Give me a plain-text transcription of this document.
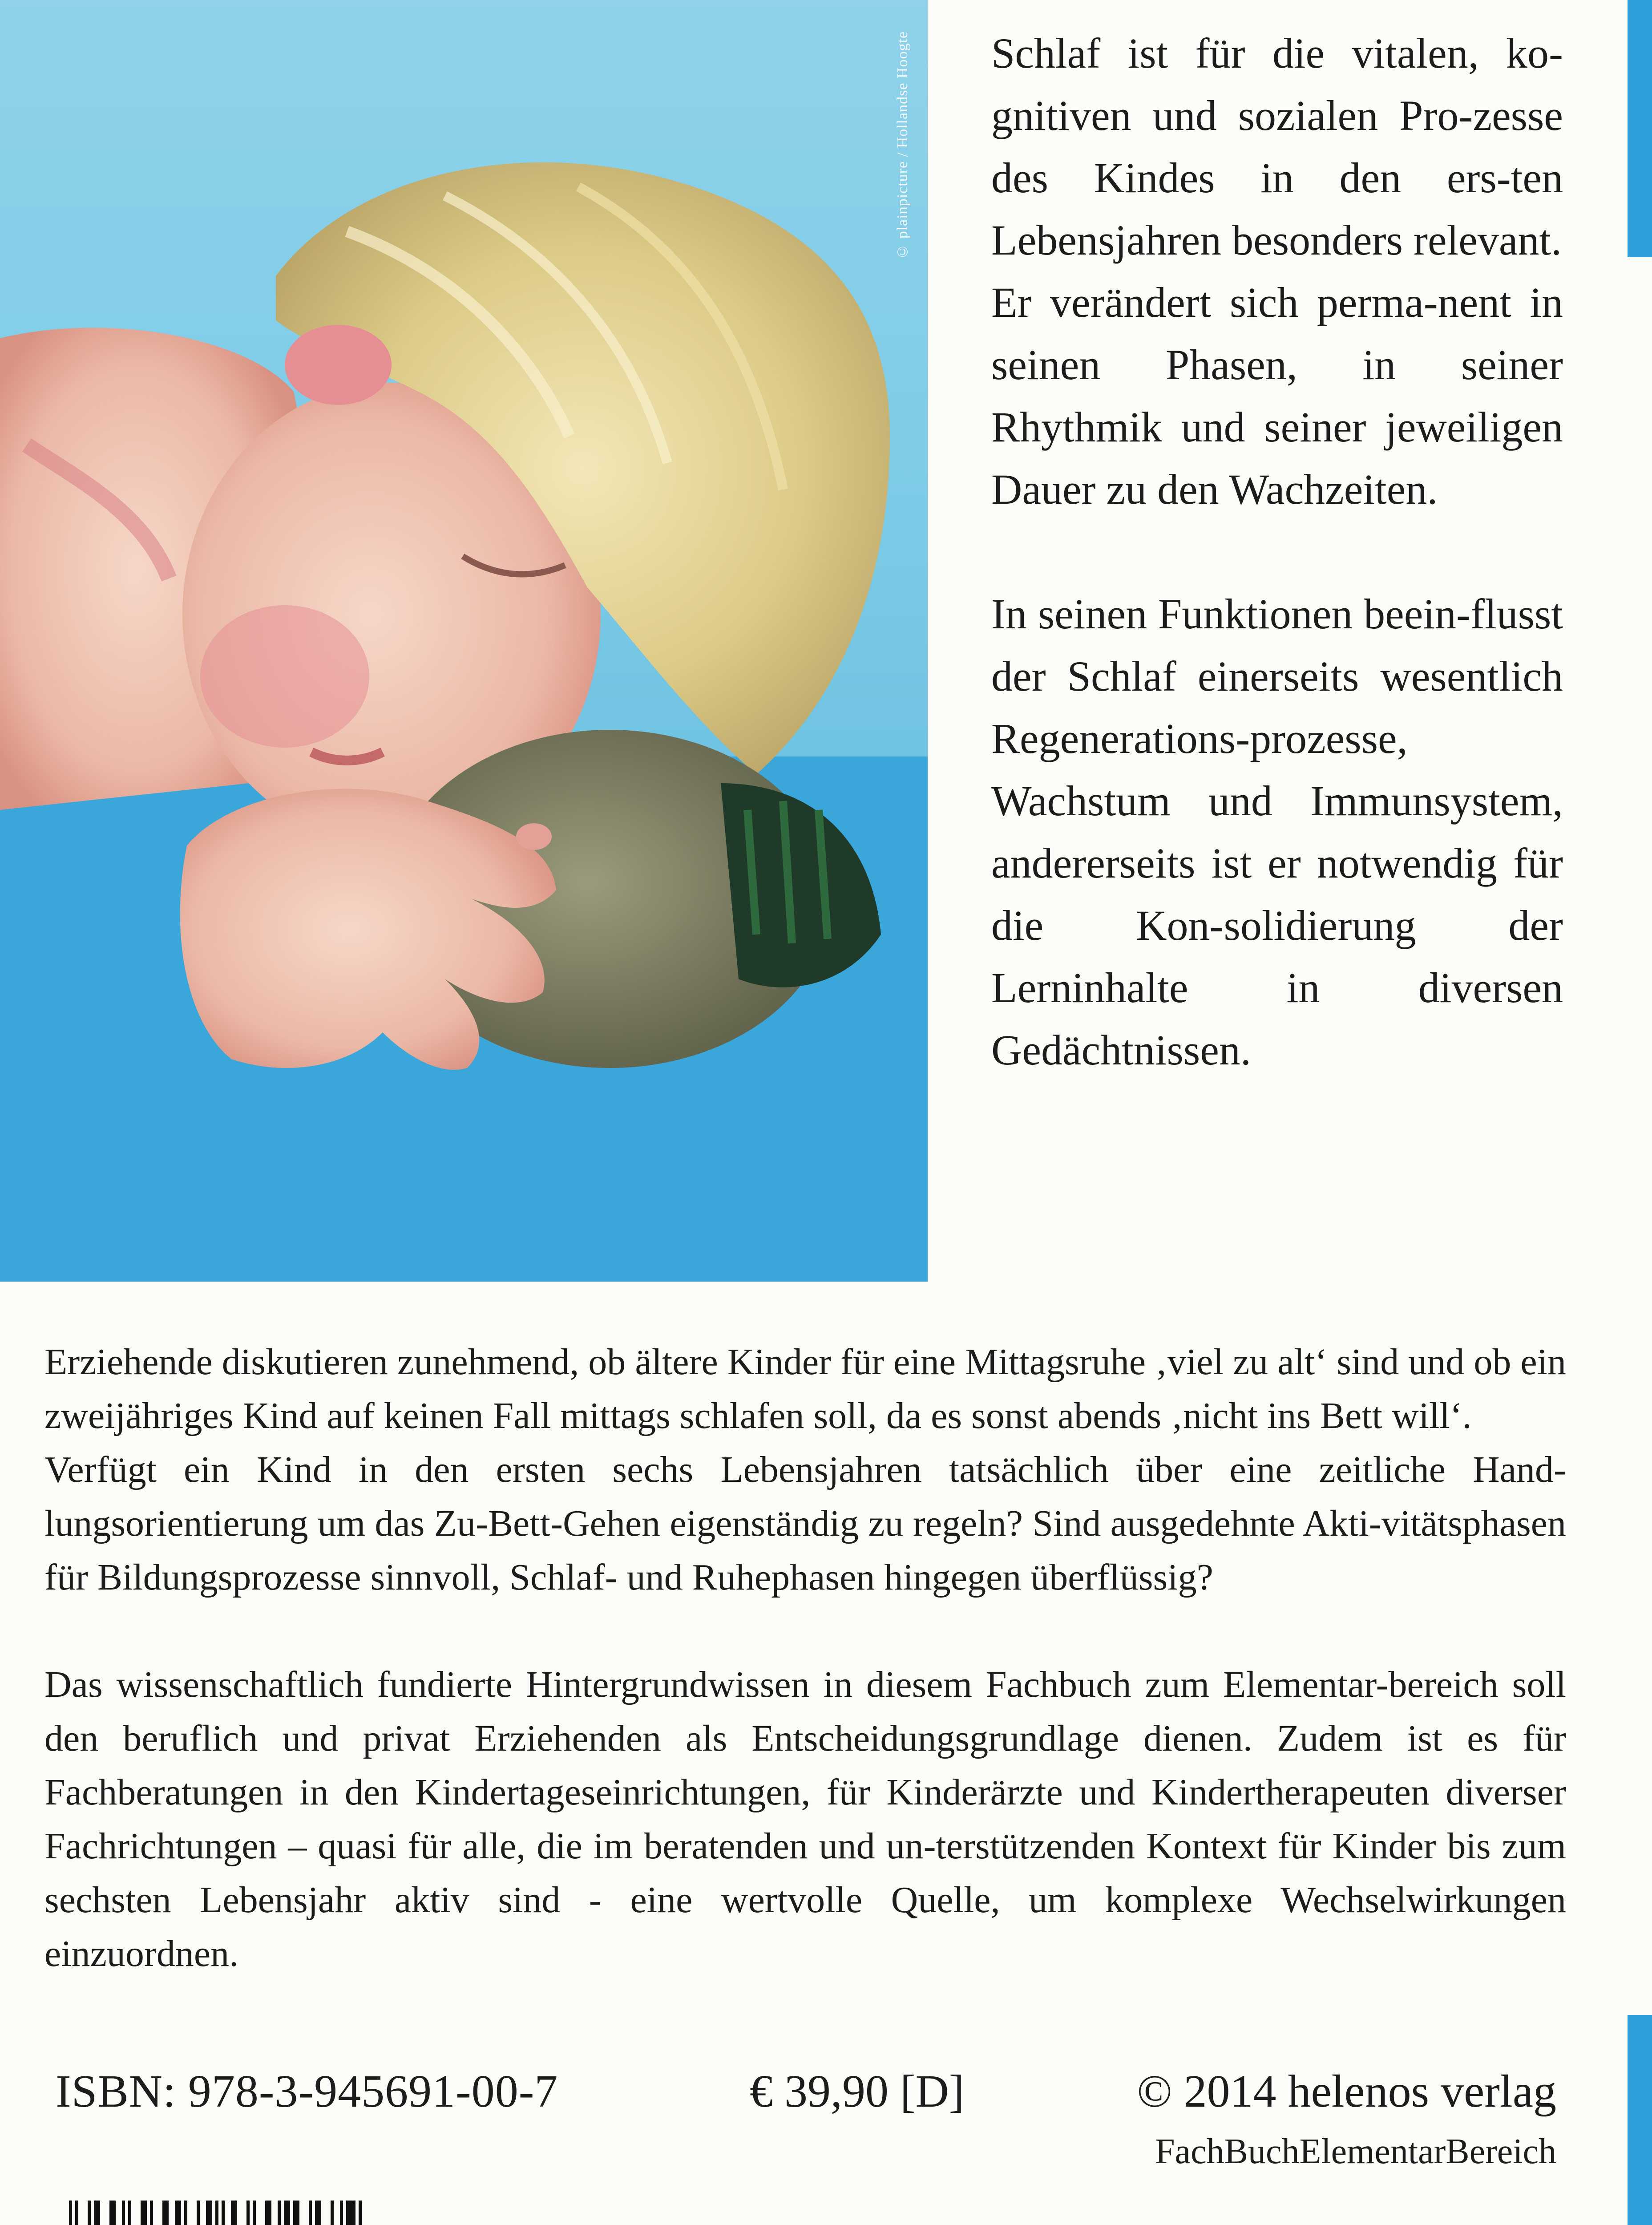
© plainpicture / Hollandse Hoogte Schlaf ist für die vitalen, ko-gnitiven und sozialen Pro-zesse des Kindes in den ers-ten Lebensjahren besonders relevant.

Er verändert sich perma-nent in seinen Phasen, in seiner Rhythmik und seiner jeweiligen Dauer zu den Wachzeiten.

In seinen Funktionen beein-flusst der Schlaf einerseits wesentlich Regenerations-prozesse, Wachstum und Immunsystem, andererseits ist er notwendig für die Kon-solidierung der Lerninhalte in diversen Gedächtnissen.

Erziehende diskutieren zunehmend, ob ältere Kinder für eine Mittagsruhe ‚viel zu alt‘ sind und ob ein zweijähriges Kind auf keinen Fall mittags schlafen soll, da es sonst abends ‚nicht ins Bett will‘.

Verfügt ein Kind in den ersten sechs Lebensjahren tatsächlich über eine zeitliche Hand-lungsorientierung um das Zu-Bett-Gehen eigenständig zu regeln? Sind ausgedehnte Akti-vitätsphasen für Bildungsprozesse sinnvoll, Schlaf- und Ruhephasen hingegen überflüssig?

Das wissenschaftlich fundierte Hintergrundwissen in diesem Fachbuch zum Elementar-bereich soll den beruflich und privat Erziehenden als Entscheidungsgrundlage dienen. Zudem ist es für Fachberatungen in den Kindertageseinrichtungen, für Kinderärzte und Kindertherapeuten diverser Fachrichtungen – quasi für alle, die im beratenden und un-terstützenden Kontext für Kinder bis zum sechsten Lebensjahr aktiv sind - eine wertvolle Quelle, um komplexe Wechselwirkungen einzuordnen.

ISBN: 978-3-945691-00-7	€ 39,90 [D]	© 2014 helenos verlag
FachBuchElementarBereich
